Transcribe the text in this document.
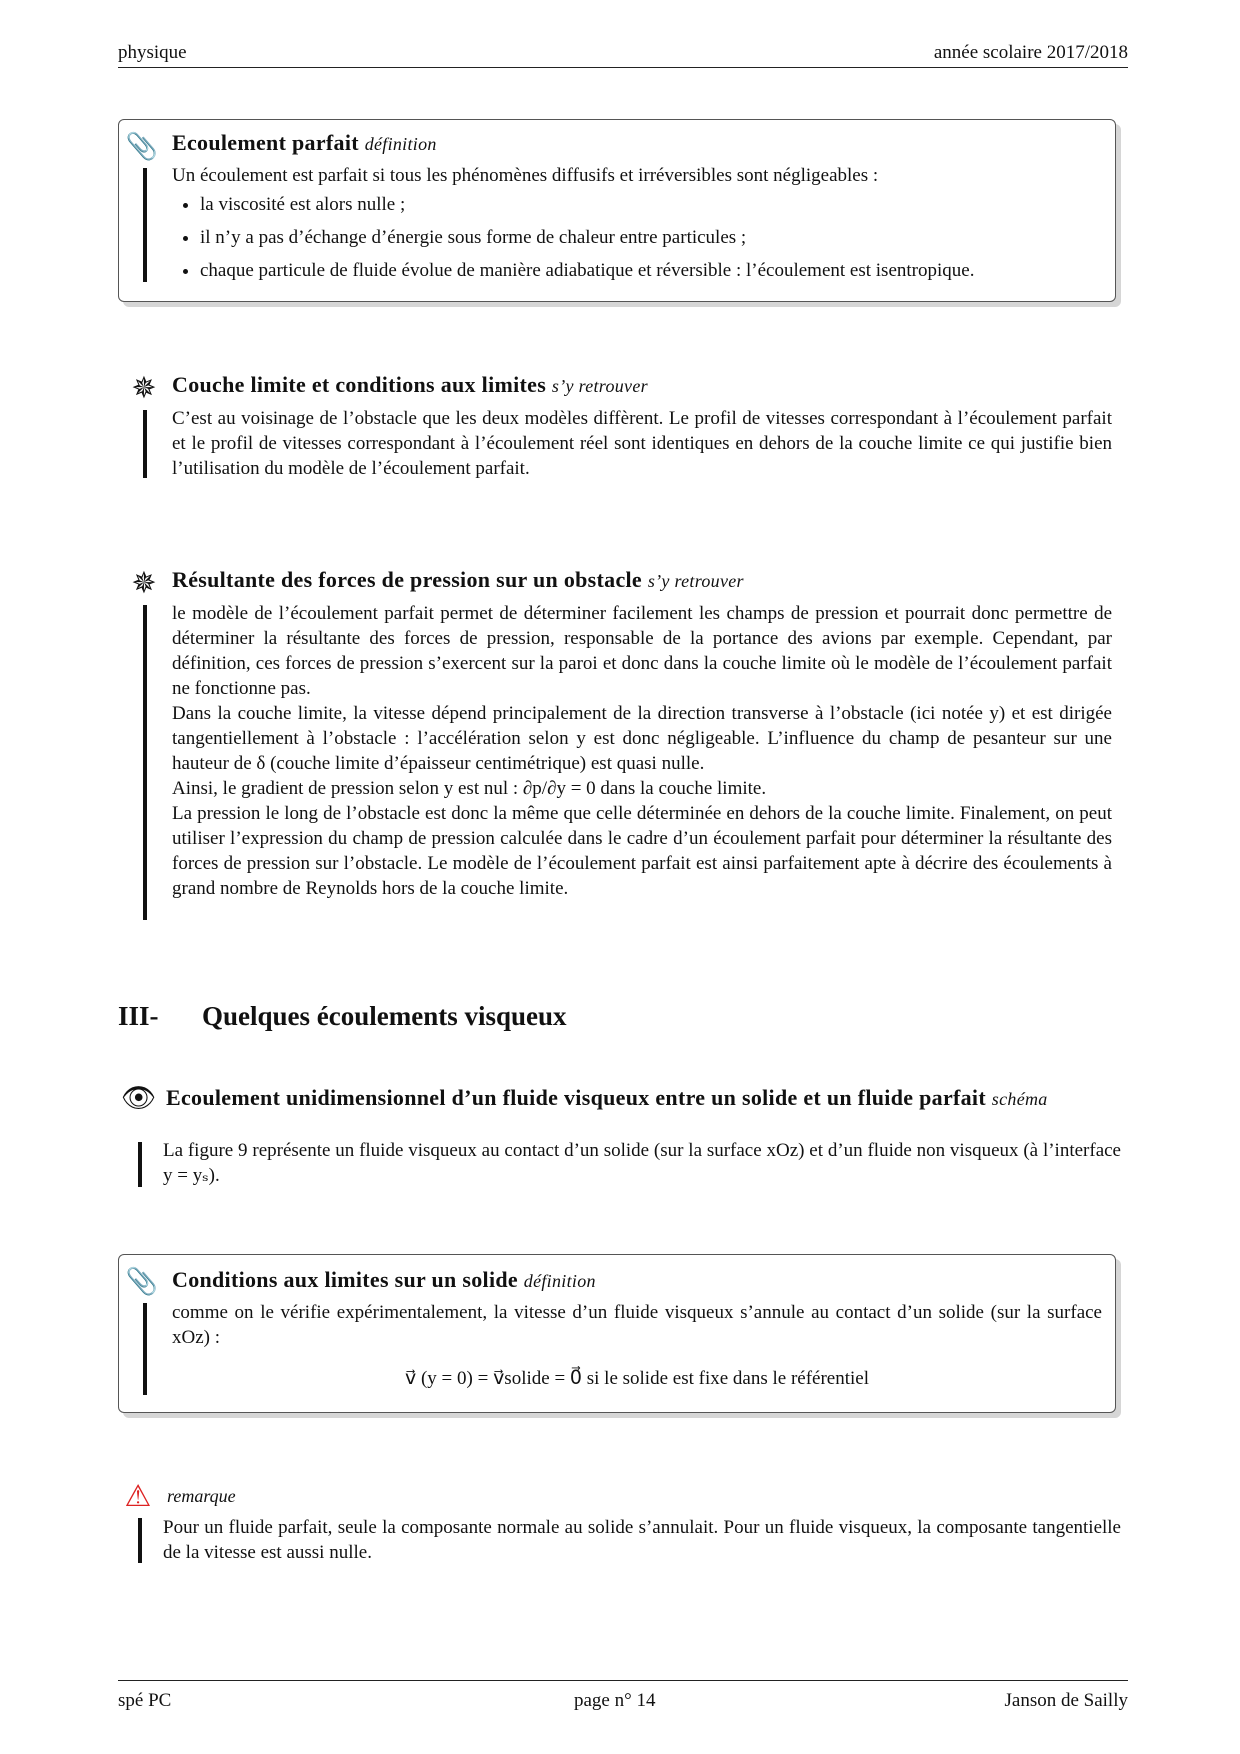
physique	année scolaire 2017/2018
📎 Ecoulement parfait définition
Un écoulement est parfait si tous les phénomènes diffusifs et irréversibles sont négligeables :
• la viscosité est alors nulle ;
• il n’y a pas d’échange d’énergie sous forme de chaleur entre particules ;
• chaque particule de fluide évolue de manière adiabatique et réversible : l’écoulement est isentropique.
✵ Couche limite et conditions aux limites s’y retrouver
C’est au voisinage de l’obstacle que les deux modèles diffèrent. Le profil de vitesses correspondant à l’écoulement parfait et le profil de vitesses correspondant à l’écoulement réel sont identiques en dehors de la couche limite ce qui justifie bien l’utilisation du modèle de l’écoulement parfait.
✵ Résultante des forces de pression sur un obstacle s’y retrouver
le modèle de l’écoulement parfait permet de déterminer facilement les champs de pression et pourrait donc permettre de déterminer la résultante des forces de pression, responsable de la portance des avions par exemple. Cependant, par définition, ces forces de pression s’exercent sur la paroi et donc dans la couche limite où le modèle de l’écoulement parfait ne fonctionne pas.
Dans la couche limite, la vitesse dépend principalement de la direction transverse à l’obstacle (ici notée y) et est dirigée tangentiellement à l’obstacle : l’accélération selon y est donc négligeable. L’influence du champ de pesanteur sur une hauteur de δ (couche limite d’épaisseur centimétrique) est quasi nulle.
Ainsi, le gradient de pression selon y est nul : ∂p/∂y = 0 dans la couche limite.
La pression le long de l’obstacle est donc la même que celle déterminée en dehors de la couche limite. Finalement, on peut utiliser l’expression du champ de pression calculée dans le cadre d’un écoulement parfait pour déterminer la résultante des forces de pression sur l’obstacle. Le modèle de l’écoulement parfait est ainsi parfaitement apte à décrire des écoulements à grand nombre de Reynolds hors de la couche limite.
III- Quelques écoulements visqueux
👁 Ecoulement unidimensionnel d’un fluide visqueux entre un solide et un fluide parfait schéma
La figure 9 représente un fluide visqueux au contact d’un solide (sur la surface xOz) et d’un fluide non visqueux (à l’interface y = yₛ).
📎 Conditions aux limites sur un solide définition
comme on le vérifie expérimentalement, la vitesse d’un fluide visqueux s’annule au contact d’un solide (sur la surface xOz) :
v⃗ (y = 0) = v⃗solide = 0⃗ si le solide est fixe dans le référentiel
⚠ remarque
Pour un fluide parfait, seule la composante normale au solide s’annulait. Pour un fluide visqueux, la composante tangentielle de la vitesse est aussi nulle.
spé PC	page n° 14	Janson de Sailly
